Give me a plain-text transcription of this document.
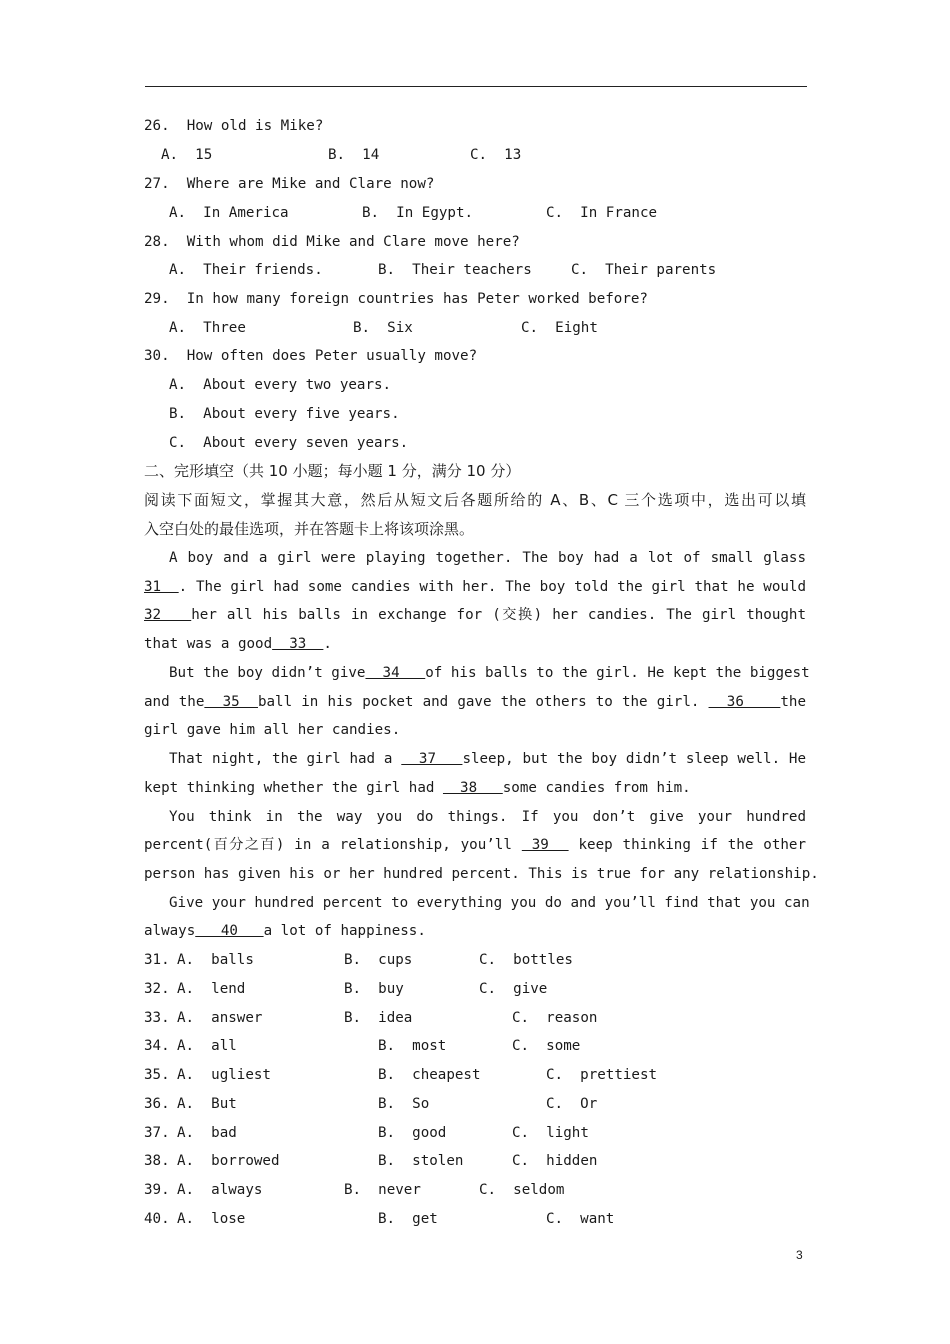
26.  How old is Mike?
A.  15	B.  14	C.  13
27.  Where are Mike and Clare now?
A.  In America	B.  In Egypt.	C.  In France
28.  With whom did Mike and Clare move here?
A.  Their friends.	B.  Their teachers	C.  Their parents
29.  In how many foreign countries has Peter worked before?
A.  Three	B.  Six	C.  Eight
30.  How often does Peter usually move?
A.  About every two years.
B.  About every five years.
C.  About every seven years.
二、完形填空（共 10 小题；每小题 1 分，满分 10 分）
阅读下面短文，掌握其大意，然后从短文后各题所给的 A、B、C 三个选项中，选出可以填
入空白处的最佳选项，并在答题卡上将该项涂黑。
A boy and a girl were playing together. The boy had a lot of small glass
31  . The girl had some candies with her. The boy told the girl that he would
32   her all his balls in exchange for (交换) her candies. The girl thought
that was a good  33  .
But the boy didn’t give  34   of his balls to the girl. He kept the biggest
and the  35  ball in his pocket and gave the others to the girl.   36    the
girl gave him all her candies.
That night, the girl had a   37   sleep, but the boy didn’t sleep well. He
kept thinking whether the girl had   38   some candies from him.
You think in the way you do things. If you don’t give your hundred
percent(百分之百) in a relationship, you’ll  39   keep thinking if the other
person has given his or her hundred percent. This is true for any relationship.
Give your hundred percent to everything you do and you’ll find that you can
always   40   a lot of happiness.
31. A.  balls	B.  cups	C.  bottles
32. A.  lend	B.  buy	C.  give
33. A.  answer	B.  idea	C.  reason
34. A.  all	B.  most	C.  some
35. A.  ugliest	B.  cheapest	C.  prettiest
36. A.  But	B.  So	C.  Or
37. A.  bad	B.  good	C.  light
38. A.  borrowed	B.  stolen	C.  hidden
39. A.  always	B.  never	C.  seldom
40. A.  lose	B.  get	C.  want
3
